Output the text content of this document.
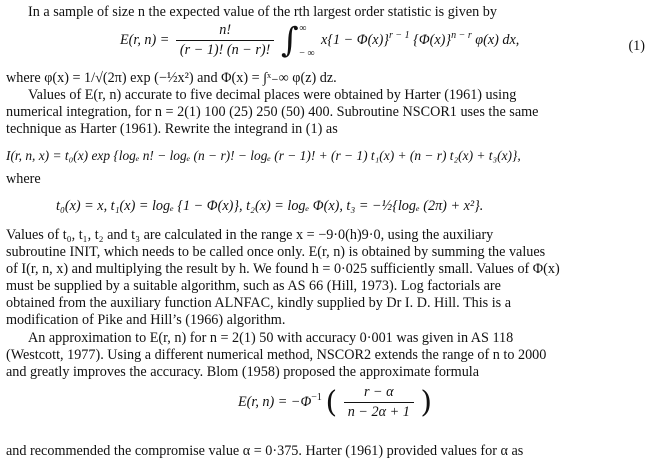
In a sample of size n the expected value of the rth largest order statistic is given by
E(r, $n) = \frac{n!}{(r - 1)! (n - r)!}$ ∫ ∞
− ∞
$x\{1 - \Phi(x)\}^{r - 1}$ $\{\Phi(x)\}^{n - r}$ φ(x) dx,	(1)
where φ(x) = 1/√(2π) exp (−½x²) and Φ(x) = ∫ˣ₋∞ φ(z) dz.
Values of E(r, n) accurate to five decimal places were obtained by Harter (1961) using
numerical integration, for n = 2(1) 100 (25) 250 (50) 400. Subroutine NSCOR1 uses the same
technique as Harter (1961). Rewrite the integrand in (1) as
I(r, n, x) = t₀(x) exp {logₑ n! − logₑ (n − r)! − logₑ (r − 1)! + (r − 1) t₁(x) + (n − r) t₂(x) + t₃(x)},
where
t₀(x) = x, t₁(x) = logₑ {1 − Φ(x)}, t₂(x) = logₑ Φ(x), t₃ = −½{logₑ (2π) + x²}.
Values of t₀, t₁, t₂ and t₃ are calculated in the range x = −9·0(h)9·0, using the auxiliary
subroutine INIT, which needs to be called once only. E(r, n) is obtained by summing the values
of I(r, n, x) and multiplying the result by h. We found h = 0·025 sufficiently small. Values of Φ(x)
must be supplied by a suitable algorithm, such as AS 66 (Hill, 1973). Log factorials are
obtained from the auxiliary function ALNFAC, kindly supplied by Dr I. D. Hill. This is a
modification of Pike and Hill’s (1966) algorithm.
An approximation to E(r, n) for n = 2(1) 50 with accuracy 0·001 was given in AS 118
(Westcott, 1977). Using a different numerical method, NSCOR2 extends the range of n to 2000
and greatly improves the accuracy. Blom (1958) proposed the approximate formula
E(r, $n) = -\Phi^{-1}$ ( $\frac{r - \alpha}{n - 2\alpha + 1}$ )
and recommended the compromise value α = 0·375. Harter (1961) provided values for α as
